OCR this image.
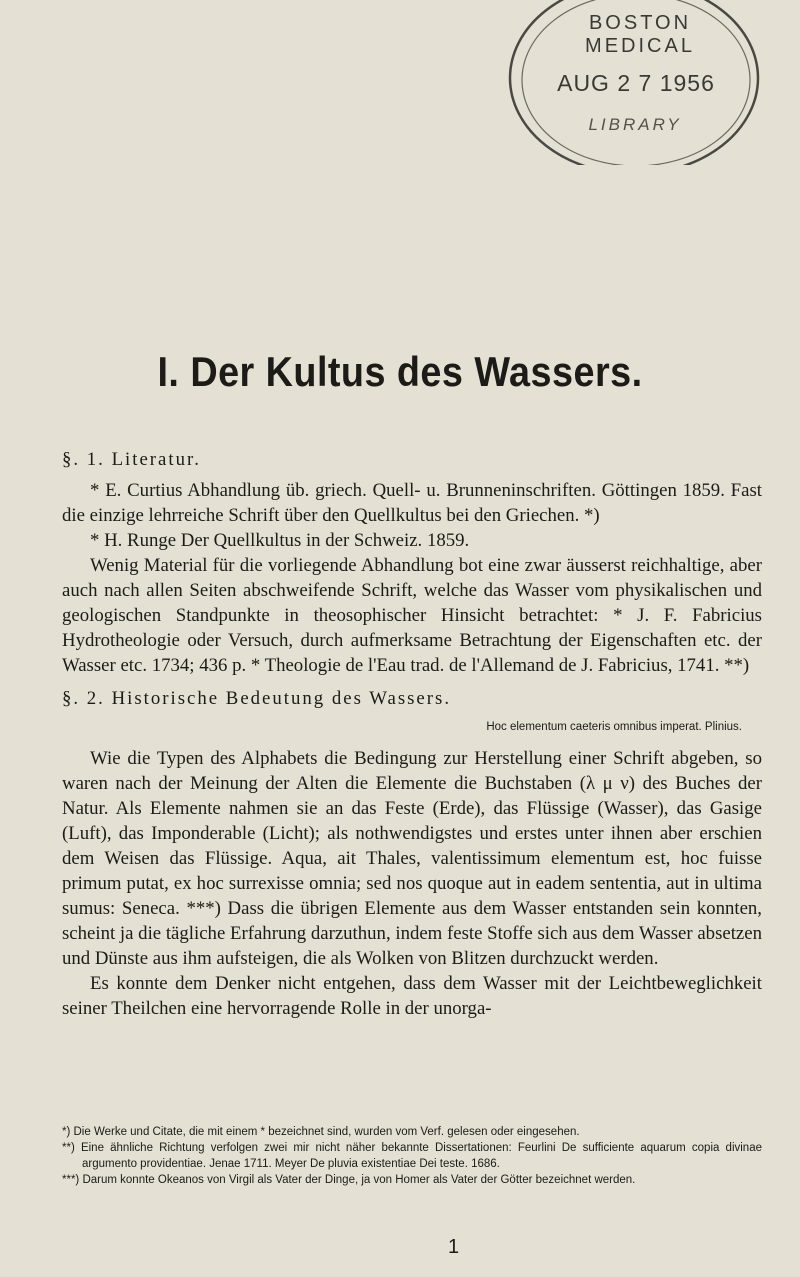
BOSTON MEDICAL
AUG 2 7 1956
LIBRARY
I. Der Kultus des Wassers.

§. 1. Literatur.

* E. Curtius Abhandlung üb. griech. Quell- u. Brunneninschriften. Göttingen 1859. Fast die einzige lehrreiche Schrift über den Quellkultus bei den Griechen. *)

* H. Runge Der Quellkultus in der Schweiz. 1859.

Wenig Material für die vorliegende Abhandlung bot eine zwar äusserst reichhaltige, aber auch nach allen Seiten abschweifende Schrift, welche das Wasser vom physikalischen und geologischen Standpunkte in theosophischer Hinsicht betrachtet: * J. F. Fabricius Hydrotheologie oder Versuch, durch aufmerksame Betrachtung der Eigenschaften etc. der Wasser etc. 1734; 436 p. * Theologie de l'Eau trad. de l'Allemand de J. Fabricius, 1741. **)

§. 2. Historische Bedeutung des Wassers.

Hoc elementum caeteris omnibus imperat. Plinius.

Wie die Typen des Alphabets die Bedingung zur Herstellung einer Schrift abgeben, so waren nach der Meinung der Alten die Elemente die Buchstaben (λ μ ν) des Buches der Natur. Als Elemente nahmen sie an das Feste (Erde), das Flüssige (Wasser), das Gasige (Luft), das Imponderable (Licht); als nothwendigstes und erstes unter ihnen aber erschien dem Weisen das Flüssige. Aqua, ait Thales, valentissimum elementum est, hoc fuisse primum putat, ex hoc surrexisse omnia; sed nos quoque aut in eadem sententia, aut in ultima sumus: Seneca. ***) Dass die übrigen Elemente aus dem Wasser entstanden sein konnten, scheint ja die tägliche Erfahrung darzuthun, indem feste Stoffe sich aus dem Wasser absetzen und Dünste aus ihm aufsteigen, die als Wolken von Blitzen durchzuckt werden.

Es konnte dem Denker nicht entgehen, dass dem Wasser mit der Leichtbeweglichkeit seiner Theilchen eine hervorragende Rolle in der unorga-

*) Die Werke und Citate, die mit einem * bezeichnet sind, wurden vom Verf. gelesen oder eingesehen.

**) Eine ähnliche Richtung verfolgen zwei mir nicht näher bekannte Dissertationen: Feurlini De sufficiente aquarum copia divinae argumento providentiae. Jenae 1711. Meyer De pluvia existentiae Dei teste. 1686.

***) Darum konnte Okeanos von Virgil als Vater der Dinge, ja von Homer als Vater der Götter bezeichnet werden.

1
